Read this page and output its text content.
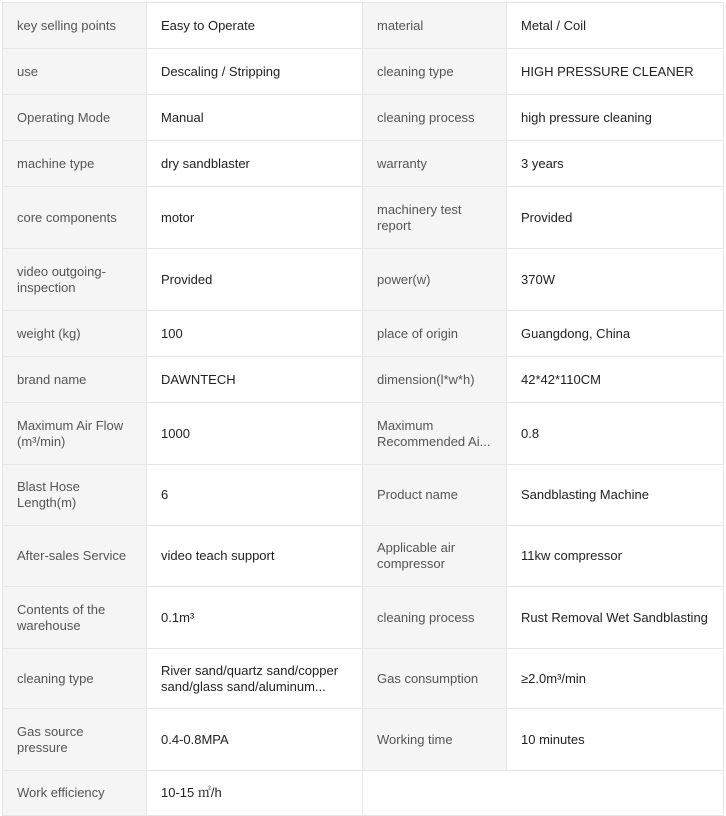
key selling points	Easy to Operate	material	Metal / Coil

use	Descaling / Stripping	cleaning type	HIGH PRESSURE CLEANER

Operating Mode	Manual	cleaning process	high pressure cleaning

machine type	dry sandblaster	warranty	3 years

core components	motor	machinery test report	Provided

video outgoing-inspection	Provided	power(w)	370W

weight (kg)	100	place of origin	Guangdong, China

brand name	DAWNTECH	dimension(l*w*h)	42*42*110CM

Maximum Air Flow (m³/min)	1000	Maximum Recommended Ai...	0.8

Blast Hose Length(m)	6	Product name	Sandblasting Machine

After-sales Service	video teach support	Applicable air compressor	11kw compressor

Contents of the warehouse	0.1m³	cleaning process	Rust Removal Wet Sandblasting

cleaning type	River sand/quartz sand/copper sand/glass sand/aluminum...	Gas consumption	≥2.0m³/min

Gas source pressure	0.4-0.8MPA	Working time	10 minutes

Work efficiency	10-15 ㎡/h		
